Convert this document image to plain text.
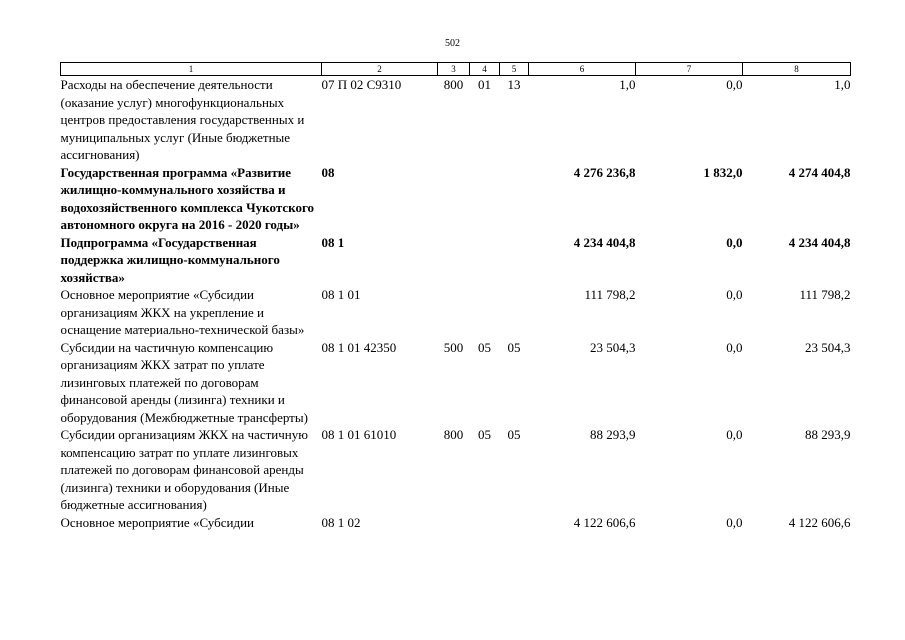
502
1	2	3	4	5	6	7	8
Расходы на обеспечение деятельности (оказание услуг) многофункциональных центров предоставления государственных и муниципальных услуг (Иные бюджетные ассигнования)	07 П 02 С9310	800	01	13	1,0	0,0	1,0
Государственная программа «Развитие жилищно-коммунального хозяйства и водохозяйственного комплекса Чукотского автономного округа на 2016 - 2020 годы»	08				4 276 236,8	1 832,0	4 274 404,8
Подпрограмма «Государственная поддержка жилищно-коммунального хозяйства»	08 1				4 234 404,8	0,0	4 234 404,8
Основное мероприятие «Субсидии организациям ЖКХ на укрепление и оснащение материально-технической базы»	08 1 01				111 798,2	0,0	111 798,2
Субсидии на частичную компенсацию организациям ЖКХ затрат по уплате лизинговых платежей по договорам финансовой аренды (лизинга) техники и оборудования (Межбюджетные трансферты)	08 1 01 42350	500	05	05	23 504,3	0,0	23 504,3
Субсидии организациям ЖКХ на частичную компенсацию затрат по уплате лизинговых платежей по договорам финансовой аренды (лизинга) техники и оборудования (Иные бюджетные ассигнования)	08 1 01 61010	800	05	05	88 293,9	0,0	88 293,9
Основное мероприятие «Субсидии	08 1 02				4 122 606,6	0,0	4 122 606,6
